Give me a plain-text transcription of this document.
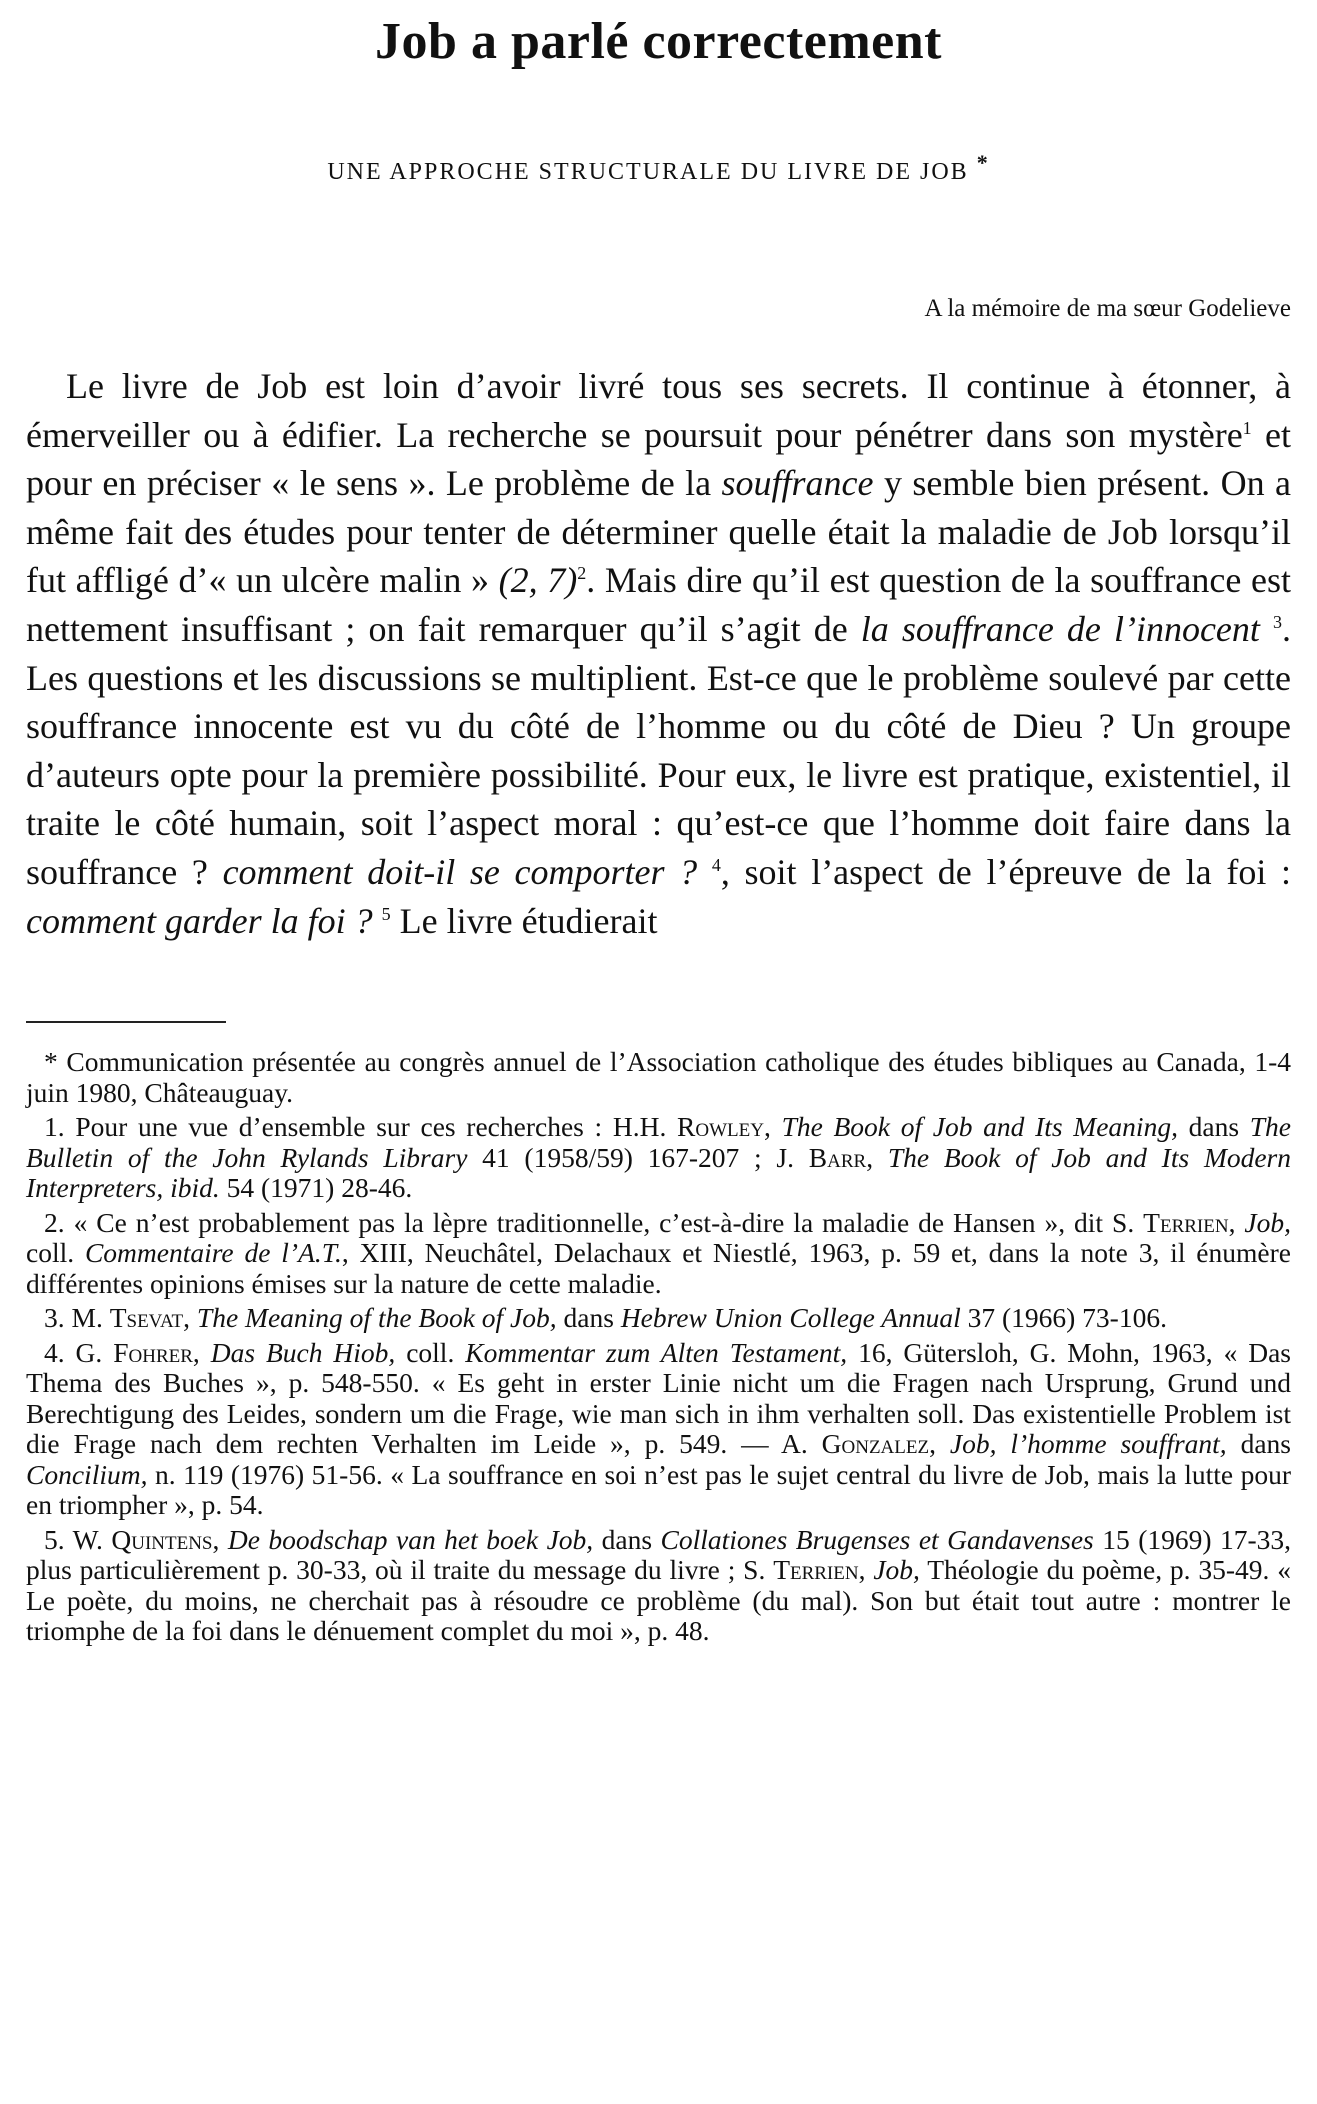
Job a parlé correctement
UNE APPROCHE STRUCTURALE DU LIVRE DE JOB *
A la mémoire de ma sœur Godelieve

Le livre de Job est loin d’avoir livré tous ses secrets. Il continue à étonner, à émerveiller ou à édifier. La recherche se poursuit pour pénétrer dans son mystère$^1$ et pour en préciser « le sens ». Le problème de la souffrance y semble bien présent. On a même fait des études pour tenter de déterminer quelle était la maladie de Job lorsqu’il fut affligé d’« un ulcère malin » (2, 7)$^2$. Mais dire qu’il est question de la souffrance est nettement insuffisant ; on fait remarquer qu’il s’agit de la souffrance de l’innocent $^3$. Les questions et les discussions se multiplient. Est-ce que le problème soulevé par cette souffrance innocente est vu du côté de l’homme ou du côté de Dieu ? Un groupe d’auteurs opte pour la première possibilité. Pour eux, le livre est pratique, existentiel, il traite le côté humain, soit l’aspect moral : qu’est-ce que l’homme doit faire dans la souffrance ? comment doit-il se comporter ? $^4$, soit l’aspect de l’épreuve de la foi : comment garder la foi ? $^5$ Le livre étudierait

* Communication présentée au congrès annuel de l’Association catholique des études bibliques au Canada, 1-4 juin 1980, Châteauguay.

1. Pour une vue d’ensemble sur ces recherches : H.H. Rowley, The Book of Job and Its Meaning, dans The Bulletin of the John Rylands Library 41 (1958/59) 167-207 ; J. Barr, The Book of Job and Its Modern Interpreters, ibid. 54 (1971) 28-46.

2. « Ce n’est probablement pas la lèpre traditionnelle, c’est-à-dire la maladie de Hansen », dit S. Terrien, Job, coll. Commentaire de l’A.T., XIII, Neuchâtel, Delachaux et Niestlé, 1963, p. 59 et, dans la note 3, il énumère différentes opinions émises sur la nature de cette maladie.

3. M. Tsevat, The Meaning of the Book of Job, dans Hebrew Union College Annual 37 (1966) 73-106.

4. G. Fohrer, Das Buch Hiob, coll. Kommentar zum Alten Testament, 16, Gütersloh, G. Mohn, 1963, « Das Thema des Buches », p. 548-550. « Es geht in erster Linie nicht um die Fragen nach Ursprung, Grund und Berechtigung des Leides, sondern um die Frage, wie man sich in ihm verhalten soll. Das existentielle Problem ist die Frage nach dem rechten Verhalten im Leide », p. 549. — A. Gonzalez, Job, l’homme souffrant, dans Concilium, n. 119 (1976) 51-56. « La souffrance en soi n’est pas le sujet central du livre de Job, mais la lutte pour en triompher », p. 54.

5. W. Quintens, De boodschap van het boek Job, dans Collationes Brugenses et Gandavenses 15 (1969) 17-33, plus particulièrement p. 30-33, où il traite du message du livre ; S. Terrien, Job, Théologie du poème, p. 35-49. « Le poète, du moins, ne cherchait pas à résoudre ce problème (du mal). Son but était tout autre : montrer le triomphe de la foi dans le dénuement complet du moi », p. 48.
